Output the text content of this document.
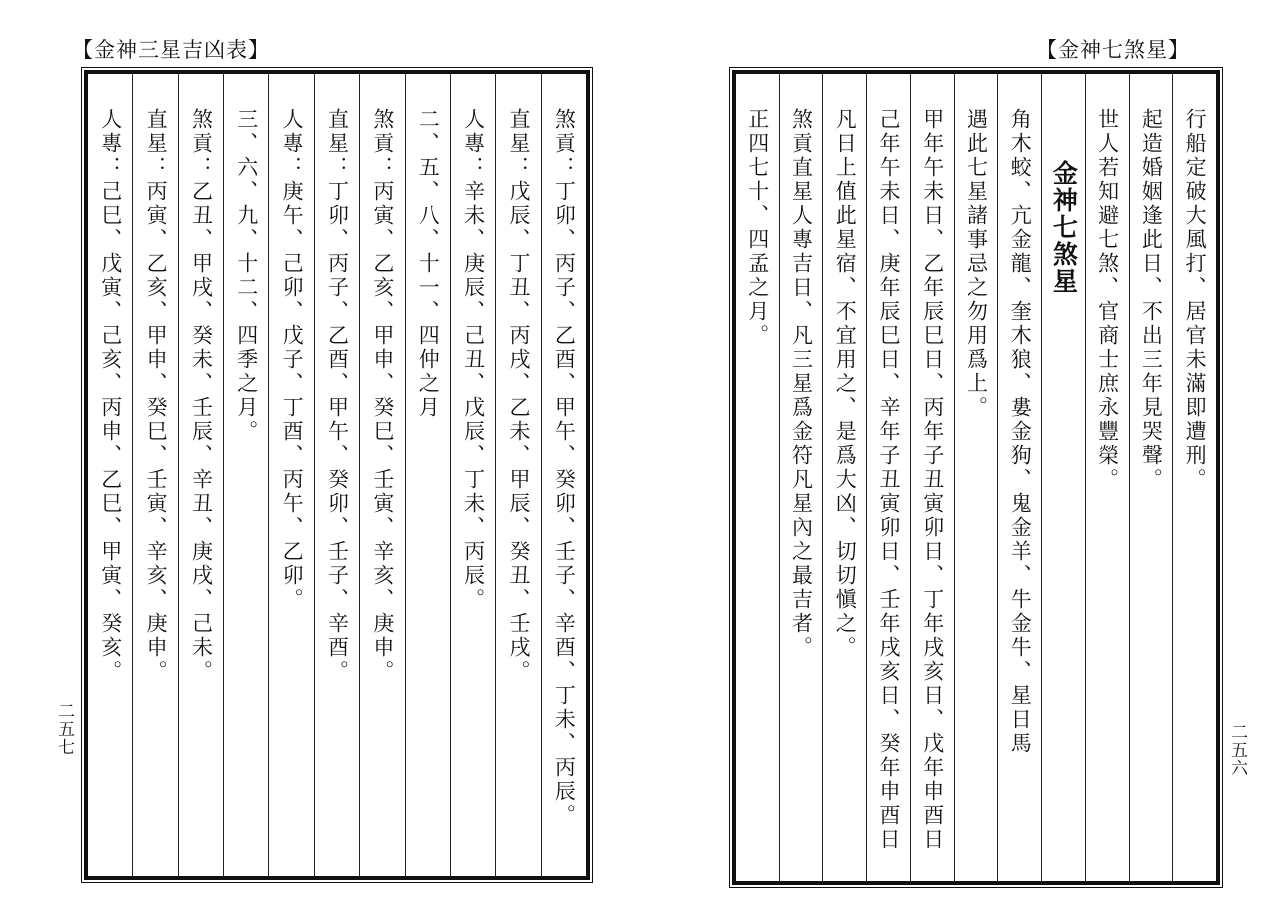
【金神三星吉凶表】
煞貢：丁卯、丙子、乙酉、甲午、癸卯、壬子、辛酉、丁未、丙辰。
直星：戊辰、丁丑、丙戌、乙未、甲辰、癸丑、壬戌。
人專：辛未、庚辰、己丑、戊辰、丁未、丙辰。
二、五、八、十一、四仲之月
煞貢：丙寅、乙亥、甲申、癸巳、壬寅、辛亥、庚申。
直星：丁卯、丙子、乙酉、甲午、癸卯、壬子、辛酉。
人專：庚午、己卯、戊子、丁酉、丙午、乙卯。
三、六、九、十二、四季之月。
煞貢：乙丑、甲戌、癸未、壬辰、辛丑、庚戌、己未。
直星：丙寅、乙亥、甲申、癸巳、壬寅、辛亥、庚申。
人專：己巳、戊寅、己亥、丙申、乙巳、甲寅、癸亥。
二五七
【金神七煞星】
行船定破大風打、居官未滿即遭刑。
起造婚姻逢此日、不出三年見哭聲。
世人若知避七煞、官商士庶永豐榮。
金神七煞星
角木蛟、亢金龍、奎木狼、婁金狗、鬼金羊、牛金牛、星日馬
遇此七星諸事忌之勿用爲上。
甲年午未日、乙年辰巳日、丙年子丑寅卯日、丁年戌亥日、戊年申酉日
己年午未日、庚年辰巳日、辛年子丑寅卯日、壬年戌亥日、癸年申酉日
凡日上值此星宿、不宜用之、是爲大凶、切切愼之。
煞貢直星人專吉日、凡三星爲金符凡星內之最吉者。
正四七十、四孟之月。
二五六
